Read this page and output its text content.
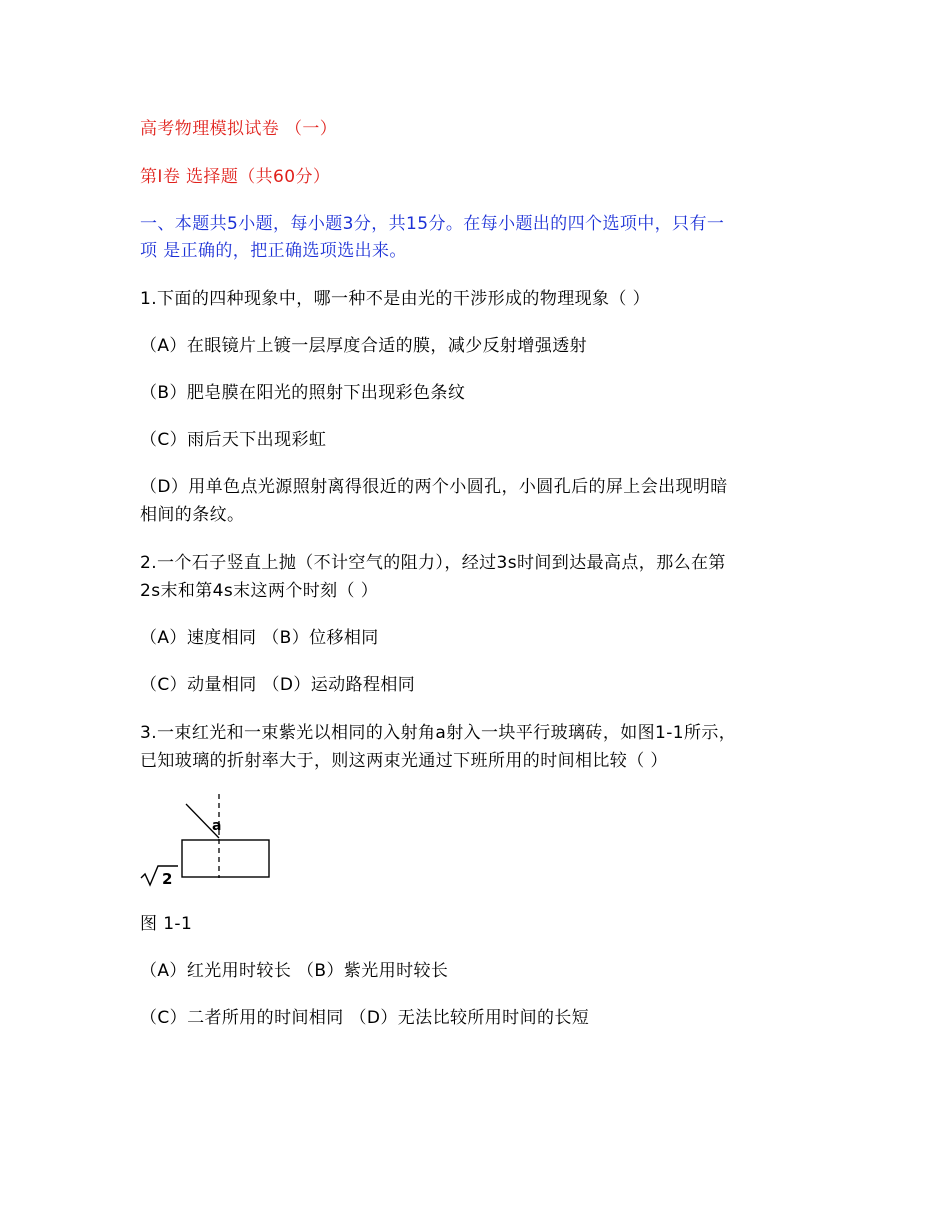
高考物理模拟试卷 （一）
第I卷 选择题（共60分）
一、本题共5小题，每小题3分，共15分。在每小题出的四个选项中，只有一
项 是正确的，把正确选项选出来。
1.下面的四种现象中，哪一种不是由光的干涉形成的物理现象（ ）
（A）在眼镜片上镀一层厚度合适的膜，减少反射增强透射
（B）肥皂膜在阳光的照射下出现彩色条纹
（C）雨后天下出现彩虹
（D）用单色点光源照射离得很近的两个小圆孔，小圆孔后的屏上会出现明暗
相间的条纹。
2.一个石子竖直上抛（不计空气的阻力），经过3s时间到达最高点，那么在第
2s末和第4s末这两个时刻（ ）
（A）速度相同 （B）位移相同
（C）动量相同 （D）运动路程相同
3.一束红光和一束紫光以相同的入射角a射入一块平行玻璃砖，如图1-1所示，
已知玻璃的折射率大于，则这两束光通过下班所用的时间相比较（ ）
a
2
图 1-1
（A）红光用时较长 （B）紫光用时较长
（C）二者所用的时间相同 （D）无法比较所用时间的长短
